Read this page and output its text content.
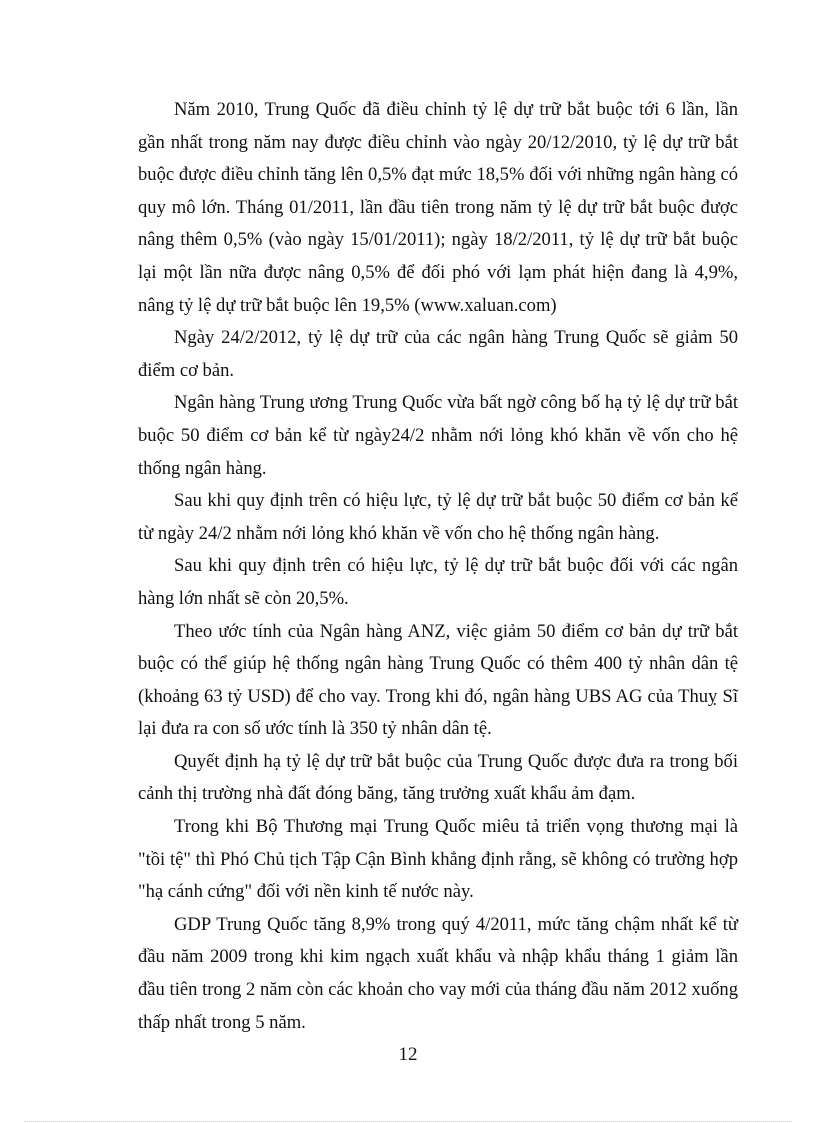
Năm 2010, Trung Quốc đã điều chỉnh tỷ lệ dự trữ bắt buộc tới 6 lần, lần gần nhất trong năm nay được điều chỉnh vào ngày 20/12/2010, tỷ lệ dự trữ bắt buộc được điều chỉnh tăng lên 0,5% đạt mức 18,5% đối với những ngân hàng có quy mô lớn. Tháng 01/2011, lần đầu tiên trong năm tỷ lệ dự trữ bắt buộc được nâng thêm 0,5% (vào ngày 15/01/2011); ngày 18/2/2011, tỷ lệ dự trữ bắt buộc lại một lần nữa được nâng 0,5% để đối phó với lạm phát hiện đang là 4,9%, nâng tỷ lệ dự trữ bắt buộc lên 19,5% (www.xaluan.com)

Ngày 24/2/2012, tỷ lệ dự trữ của các ngân hàng Trung Quốc sẽ giảm 50 điểm cơ bản.

Ngân hàng Trung ương Trung Quốc vừa bất ngờ công bố hạ tỷ lệ dự trữ bắt buộc 50 điểm cơ bản kể từ ngày24/2 nhằm nới lỏng khó khăn về vốn cho hệ thống ngân hàng.

Sau khi quy định trên có hiệu lực, tỷ lệ dự trữ bắt buộc 50 điểm cơ bản kể từ ngày 24/2 nhằm nới lỏng khó khăn về vốn cho hệ thống ngân hàng.

Sau khi quy định trên có hiệu lực, tỷ lệ dự trữ bắt buộc đối với các ngân hàng lớn nhất sẽ còn 20,5%.

Theo ước tính của Ngân hàng ANZ, việc giảm 50 điểm cơ bản dự trữ bắt buộc có thể giúp hệ thống ngân hàng Trung Quốc có thêm 400 tỷ nhân dân tệ (khoảng 63 tỷ USD) để cho vay. Trong khi đó, ngân hàng UBS AG của Thuỵ Sĩ lại đưa ra con số ước tính là 350 tỷ nhân dân tệ.

Quyết định hạ tỷ lệ dự trữ bắt buộc của Trung Quốc được đưa ra trong bối cảnh thị trường nhà đất đóng băng, tăng trưởng xuất khẩu ảm đạm.

Trong khi Bộ Thương mại Trung Quốc miêu tả triển vọng thương mại là "tồi tệ" thì Phó Chủ tịch Tập Cận Bình khẳng định rằng, sẽ không có trường hợp "hạ cánh cứng" đối với nền kinh tế nước này.

GDP Trung Quốc tăng 8,9% trong quý 4/2011, mức tăng chậm nhất kể từ đầu năm 2009 trong khi kim ngạch xuất khẩu và nhập khẩu tháng 1 giảm lần đầu tiên trong 2 năm còn các khoản cho vay mới của tháng đầu năm 2012 xuống thấp nhất trong 5 năm.

12
